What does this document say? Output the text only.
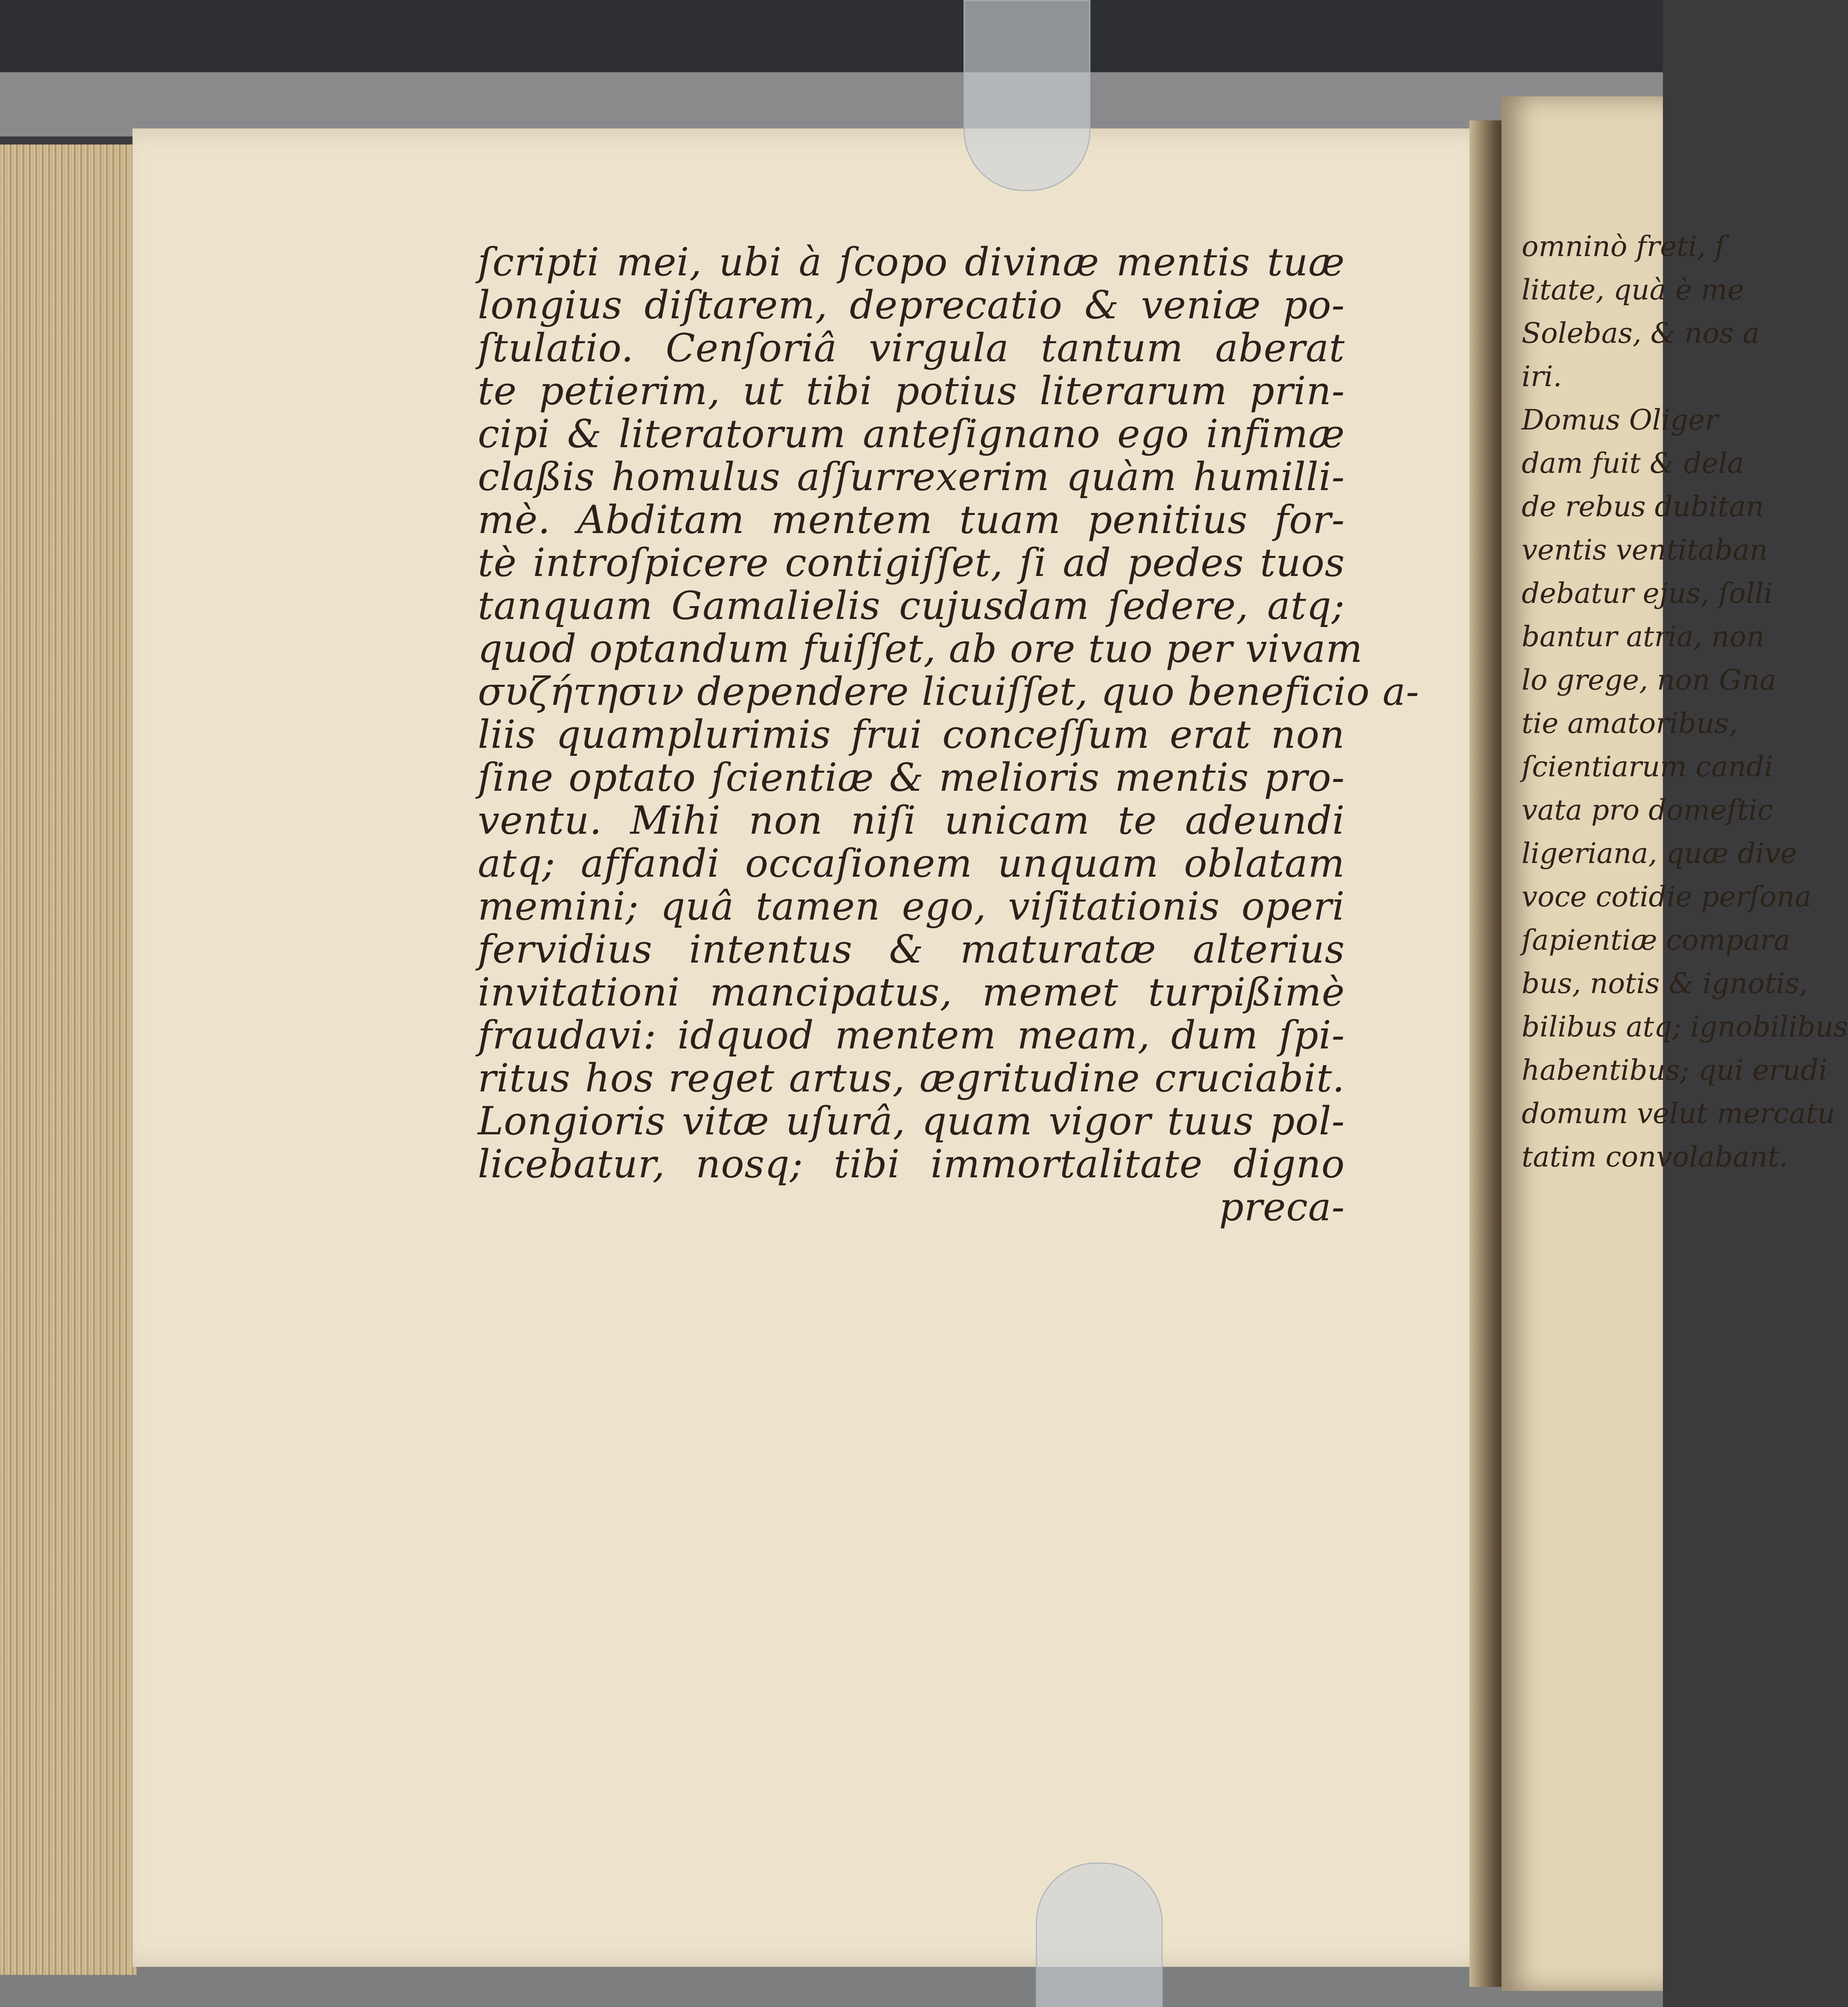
ſcripti mei, ubi à ſcopo divinæ mentis tuæ
longius diſtarem, deprecatio & veniæ po-
ſtulatio. Cenſoriâ virgula tantum aberat
te petierim, ut tibi potius literarum prin-
cipi & literatorum anteſignano ego infimæ
claßis homulus aſſurrexerim quàm humilli-
mè. Abditam mentem tuam penitius for-
tè introſpicere contigiſſet, ſi ad pedes tuos
tanquam Gamalielis cujusdam ſedere, atq;
quod optandum fuiſſet, ab ore tuo per vivam
συζήτησιν dependere licuiſſet, quo beneficio a-
liis quamplurimis frui conceſſum erat non
ſine optato ſcientiæ & melioris mentis pro-
ventu. Mihi non niſi unicam te adeundi
atq; affandi occaſionem unquam oblatam
memini; quâ tamen ego, viſitationis operi
fervidius intentus & maturatæ alterius
invitationi mancipatus, memet turpißimè
fraudavi: idquod mentem meam, dum ſpi-
ritus hos reget artus, ægritudine cruciabit.
Longioris vitæ uſurâ, quam vigor tuus pol-
licebatur, nosq; tibi immortalitate digno
preca-
omninò freti, ſ
litate, quà è me
Solebas, & nos a
iri.
Domus Oliger
dam fuit & dela
de rebus dubitan
ventis ventitaban
debatur ejus, ſolli
bantur atria, non
lo grege, non Gna
tie amatoribus,
ſcientiarum candi
vata pro domeſtic
ligeriana, quæ dive
voce cotidie perſona
ſapientiæ compara
bus, notis & ignotis,
bilibus atq; ignobilibus
habentibus; qui erudi
domum velut mercatu
tatim convolabant.
